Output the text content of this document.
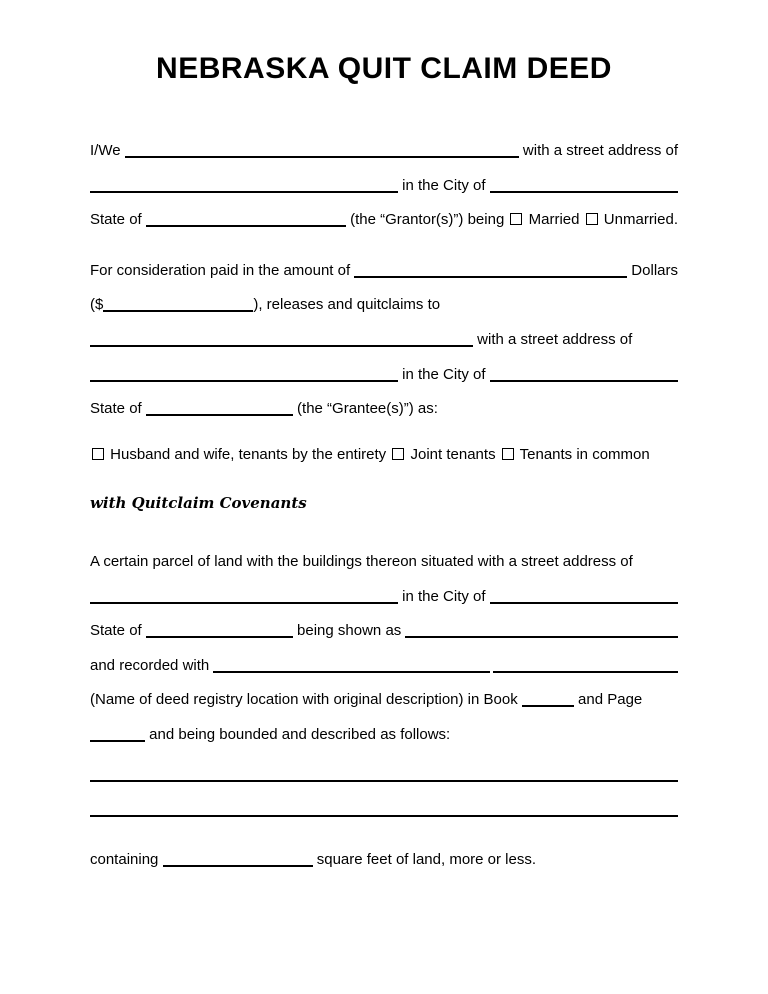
NEBRASKA QUIT CLAIM DEED
I/We	with a street address of
in the City of
State of	(the “Grantor(s)”) being Married Unmarried.
For consideration paid in the amount of	Dollars
($	), releases and quitclaims to
with a street address of
in the City of
State of	(the “Grantee(s)”) as:
Husband and wife, tenants by the entirety Joint tenants Tenants in common
with Quitclaim Covenants
A certain parcel of land with the buildings thereon situated with a street address of
in the City of
State of	being shown as
and recorded with
(Name of deed registry location with original description) in Book	and Page
and being bounded and described as follows:
containing	square feet of land, more or less.
